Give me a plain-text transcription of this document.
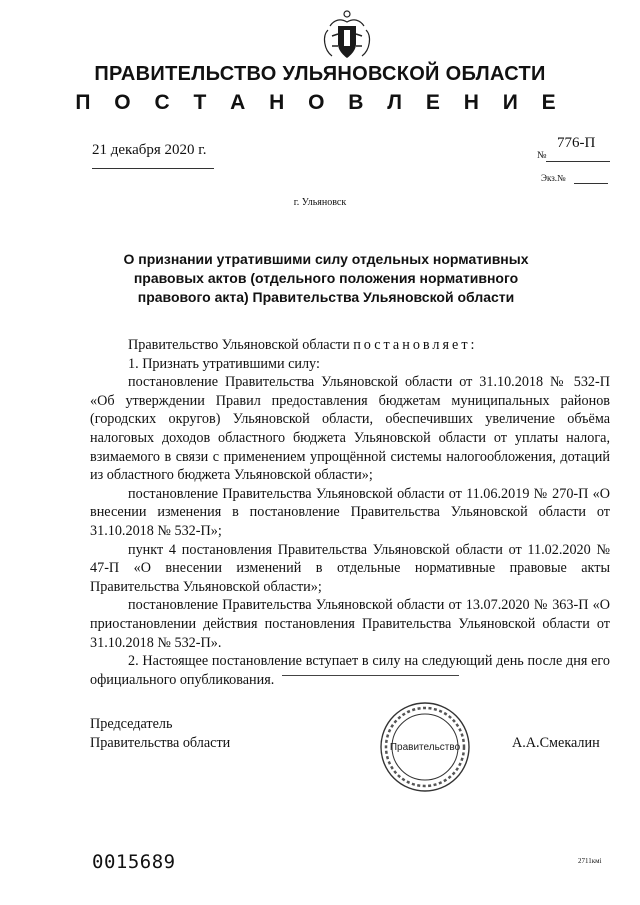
ПРАВИТЕЛЬСТВО УЛЬЯНОВСКОЙ ОБЛАСТИ
П О С Т А Н О В Л Е Н И Е
21 декабря 2020 г.	№
776-П
Экз.№
г. Ульяновск
О признании утратившими силу отдельных нормативных правовых актов (отдельного положения нормативного правового акта) Правительства Ульяновской области

Правительство Ульяновской области постановляет:

1. Признать утратившими силу:

постановление Правительства Ульяновской области от 31.10.2018 № 532-П «Об утверждении Правил предоставления бюджетам муниципальных районов (городских округов) Ульяновской области, обеспечивших увеличение объёма налоговых доходов областного бюджета Ульяновской области от уплаты налога, взимаемого в связи с применением упрощённой системы налогообложения, дотаций из областного бюджета Ульяновской области»;

постановление Правительства Ульяновской области от 11.06.2019 № 270-П «О внесении изменения в постановление Правительства Ульяновской области от 31.10.2018 № 532-П»;

пункт 4 постановления Правительства Ульяновской области от 11.02.2020 № 47-П «О внесении изменений в отдельные нормативные правовые акты Правительства Ульяновской области»;

постановление Правительства Ульяновской области от 13.07.2020 № 363-П «О приостановлении действия постановления Правительства Ульяновской области от 31.10.2018 № 532-П».

2. Настоящее постановление вступает в силу на следующий день после дня его официального опубликования.

Председатель
Правительства области	Правительство	А.А.Смекалин
0015689	2711кмі
